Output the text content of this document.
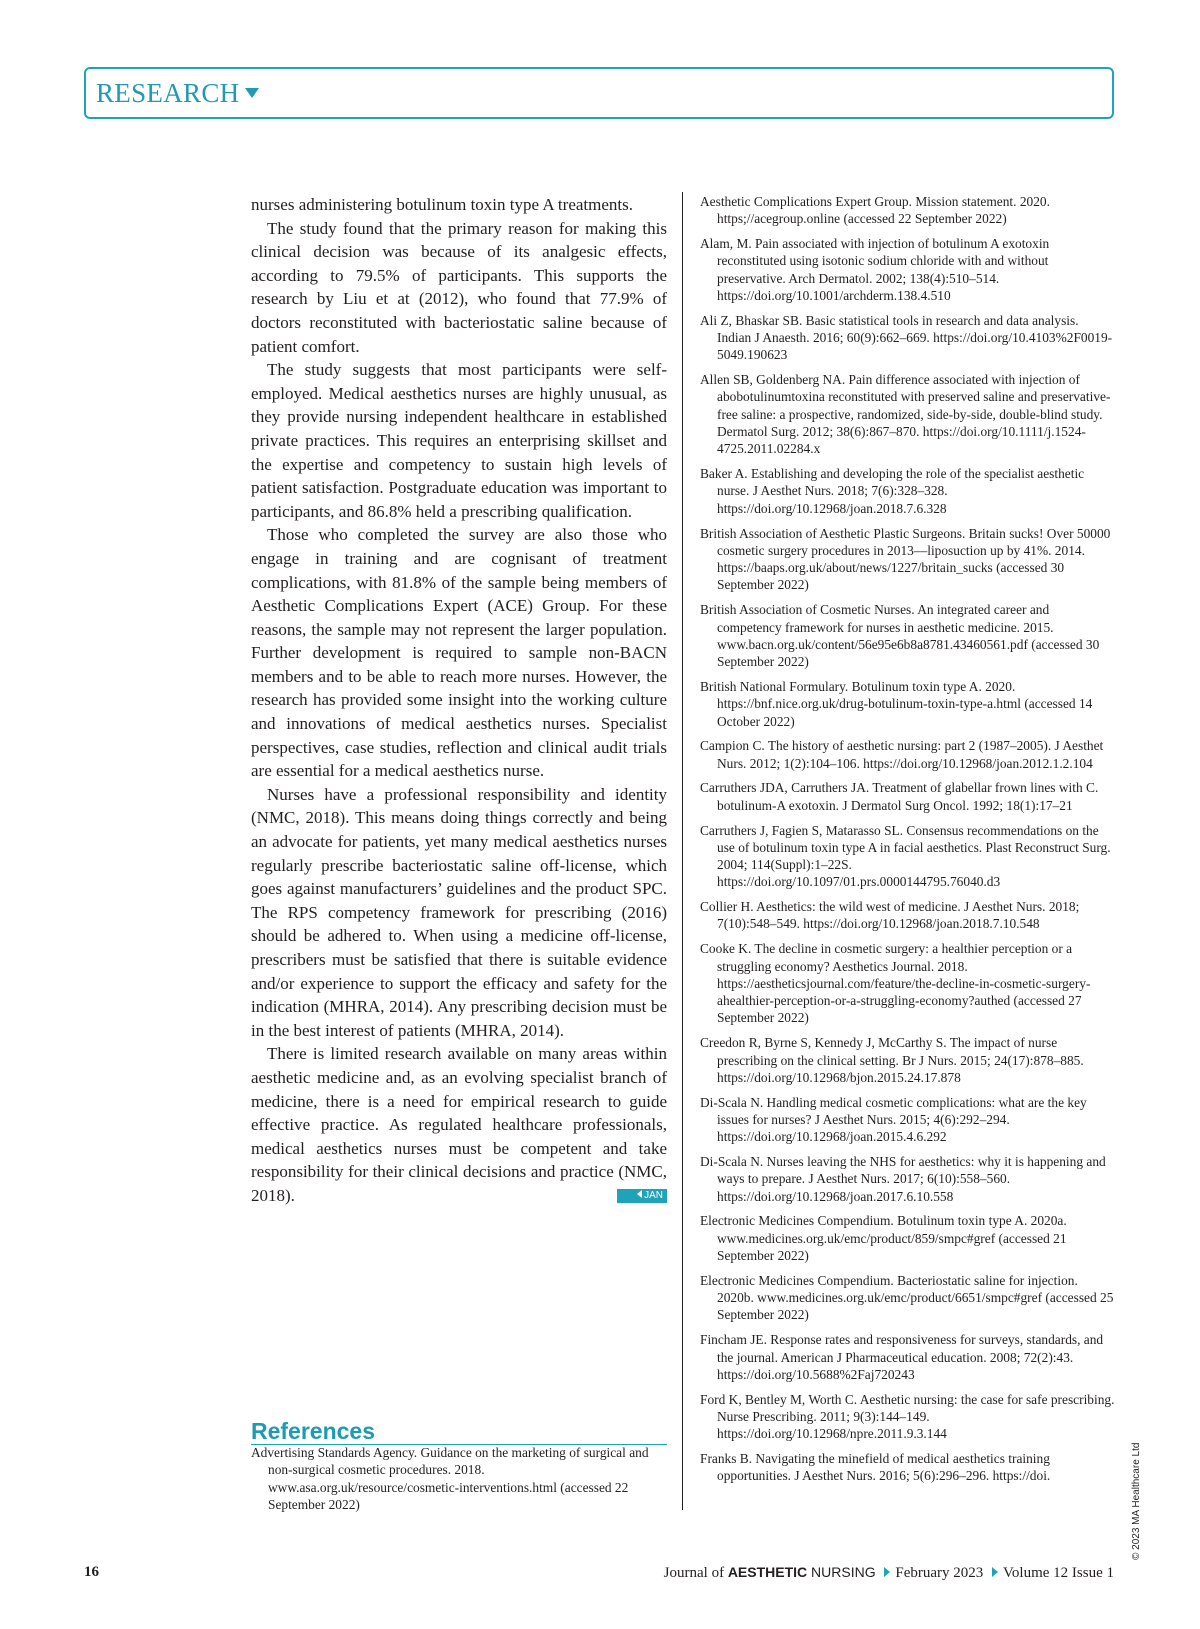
RESEARCH

nurses administering botulinum toxin type A treatments.

The study found that the primary reason for making this clinical decision was because of its analgesic effects, according to 79.5% of participants. This supports the research by Liu et at (2012), who found that 77.9% of doctors reconstituted with bacteriostatic saline because of patient comfort.

The study suggests that most participants were self-employed. Medical aesthetics nurses are highly unusual, as they provide nursing independent healthcare in established private practices. This requires an enterprising skillset and the expertise and competency to sustain high levels of patient satisfaction. Postgraduate education was important to participants, and 86.8% held a prescribing qualification.

Those who completed the survey are also those who engage in training and are cognisant of treatment complications, with 81.8% of the sample being members of Aesthetic Complications Expert (ACE) Group. For these reasons, the sample may not represent the larger population. Further development is required to sample non-BACN members and to be able to reach more nurses. However, the research has provided some insight into the working culture and innovations of medical aesthetics nurses. Specialist perspectives, case studies, reflection and clinical audit trials are essential for a medical aesthetics nurse.

Nurses have a professional responsibility and identity (NMC, 2018). This means doing things correctly and being an advocate for patients, yet many medical aesthetics nurses regularly prescribe bacteriostatic saline off-license, which goes against manufacturers’ guidelines and the product SPC. The RPS competency framework for prescribing (2016) should be adhered to. When using a medicine off-license, prescribers must be satisfied that there is suitable evidence and/or experience to support the efficacy and safety for the indication (MHRA, 2014). Any prescribing decision must be in the best interest of patients (MHRA, 2014).

There is limited research available on many areas within aesthetic medicine and, as an evolving specialist branch of medicine, there is a need for empirical research to guide effective practice. As regulated healthcare professionals, medical aesthetics nurses must be competent and take responsibility for their clinical decisions and practice (NMC, 2018).	JAN

References

Advertising Standards Agency. Guidance on the marketing of surgical and non-surgical cosmetic procedures. 2018. www.asa.org.uk/resource/cosmetic-interventions.html (accessed 22 September 2022)

Aesthetic Complications Expert Group. Mission statement. 2020. https;//acegroup.online (accessed 22 September 2022)

Alam, M. Pain associated with injection of botulinum A exotoxin reconstituted using isotonic sodium chloride with and without preservative. Arch Dermatol. 2002; 138(4):510–514. https://doi.org/10.1001/archderm.138.4.510

Ali Z, Bhaskar SB. Basic statistical tools in research and data analysis. Indian J Anaesth. 2016; 60(9):662–669. https://doi.org/10.4103%2F0019-5049.190623

Allen SB, Goldenberg NA. Pain difference associated with injection of abobotulinumtoxina reconstituted with preserved saline and preservative-free saline: a prospective, randomized, side-by-side, double-blind study. Dermatol Surg. 2012; 38(6):867–870. https://doi.org/10.1111/j.1524-4725.2011.02284.x

Baker A. Establishing and developing the role of the specialist aesthetic nurse. J Aesthet Nurs. 2018; 7(6):328–328. https://doi.org/10.12968/joan.2018.7.6.328

British Association of Aesthetic Plastic Surgeons. Britain sucks! Over 50000 cosmetic surgery procedures in 2013—liposuction up by 41%. 2014. https://baaps.org.uk/about/news/1227/britain_sucks (accessed 30 September 2022)

British Association of Cosmetic Nurses. An integrated career and competency framework for nurses in aesthetic medicine. 2015. www.bacn.org.uk/content/56e95e6b8a8781.43460561.pdf (accessed 30 September 2022)

British National Formulary. Botulinum toxin type A. 2020. https://bnf.nice.org.uk/drug-botulinum-toxin-type-a.html (accessed 14 October 2022)

Campion C. The history of aesthetic nursing: part 2 (1987–2005). J Aesthet Nurs. 2012; 1(2):104–106. https://doi.org/10.12968/joan.2012.1.2.104

Carruthers JDA, Carruthers JA. Treatment of glabellar frown lines with C. botulinum-A exotoxin. J Dermatol Surg Oncol. 1992; 18(1):17–21

Carruthers J, Fagien S, Matarasso SL. Consensus recommendations on the use of botulinum toxin type A in facial aesthetics. Plast Reconstruct Surg. 2004; 114(Suppl):1–22S. https://doi.org/10.1097/01.prs.0000144795.76040.d3

Collier H. Aesthetics: the wild west of medicine. J Aesthet Nurs. 2018; 7(10):548–549. https://doi.org/10.12968/joan.2018.7.10.548

Cooke K. The decline in cosmetic surgery: a healthier perception or a struggling economy? Aesthetics Journal. 2018. https://aestheticsjournal.com/feature/the-decline-in-cosmetic-surgery-ahealthier-perception-or-a-struggling-economy?authed (accessed 27 September 2022)

Creedon R, Byrne S, Kennedy J, McCarthy S. The impact of nurse prescribing on the clinical setting. Br J Nurs. 2015; 24(17):878–885. https://doi.org/10.12968/bjon.2015.24.17.878

Di-Scala N. Handling medical cosmetic complications: what are the key issues for nurses? J Aesthet Nurs. 2015; 4(6):292–294. https://doi.org/10.12968/joan.2015.4.6.292

Di-Scala N. Nurses leaving the NHS for aesthetics: why it is happening and ways to prepare. J Aesthet Nurs. 2017; 6(10):558–560. https://doi.org/10.12968/joan.2017.6.10.558

Electronic Medicines Compendium. Botulinum toxin type A. 2020a. www.medicines.org.uk/emc/product/859/smpc#gref (accessed 21 September 2022)

Electronic Medicines Compendium. Bacteriostatic saline for injection. 2020b. www.medicines.org.uk/emc/product/6651/smpc#gref (accessed 25 September 2022)

Fincham JE. Response rates and responsiveness for surveys, standards, and the journal. American J Pharmaceutical education. 2008; 72(2):43. https://doi.org/10.5688%2Faj720243

Ford K, Bentley M, Worth C. Aesthetic nursing: the case for safe prescribing. Nurse Prescribing. 2011; 9(3):144–149. https://doi.org/10.12968/npre.2011.9.3.144

Franks B. Navigating the minefield of medical aesthetics training opportunities. J Aesthet Nurs. 2016; 5(6):296–296. https://doi.	© 2023 MA Healthcare Ltd
16	Journal of AESTHETIC NURSING February 2023 Volume 12 Issue 1
